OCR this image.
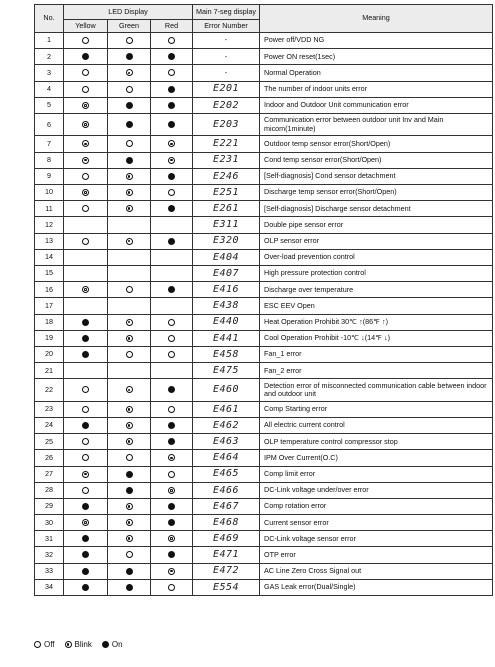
No.	LED Display			Main 7-seg display	Meaning
	Yellow	Green	Red	Error Number	
1				-	Power off/VDD NG
2				-	Power ON reset(1sec)
3				-	Normal Operation
4				E201	The number of indoor units error
5				E202	Indoor and Outdoor Unit communication error
6				E203	Communication error between outdoor unit Inv and Main micom(1minute)
7				E221	Outdoor temp sensor error(Short/Open)
8				E231	Cond temp sensor error(Short/Open)
9				E246	[Self-diagnosis] Cond sensor detachment
10				E251	Discharge temp sensor error(Short/Open)
11				E261	[Self-diagnosis] Discharge sensor detachment
12				E311	Double pipe sensor error
13				E320	OLP sensor error
14				E404	Over-load prevention control
15				E407	High pressure protection control
16				E416	Discharge over temperature
17				E438	ESC EEV Open
18				E440	Heat Operation Prohibit 30℃ ↑(86℉ ↑)
19				E441	Cool Operation Prohibit -10℃ ↓(14℉ ↓)
20				E458	Fan_1 error
21				E475	Fan_2 error
22				E460	Detection error of misconnected communication cable between indoor and outdoor unit
23				E461	Comp Starting error
24				E462	All electric current control
25				E463	OLP temperature control compressor stop
26				E464	IPM Over Current(O.C)
27				E465	Comp limit error
28				E466	DC-Link voltage under/over error
29				E467	Comp rotation error
30				E468	Current sensor error
31				E469	DC-Link voltage sensor error
32				E471	OTP error
33				E472	AC Line Zero Cross Signal out
34				E554	GAS Leak error(Dual/Single)
Off	Blink	On
